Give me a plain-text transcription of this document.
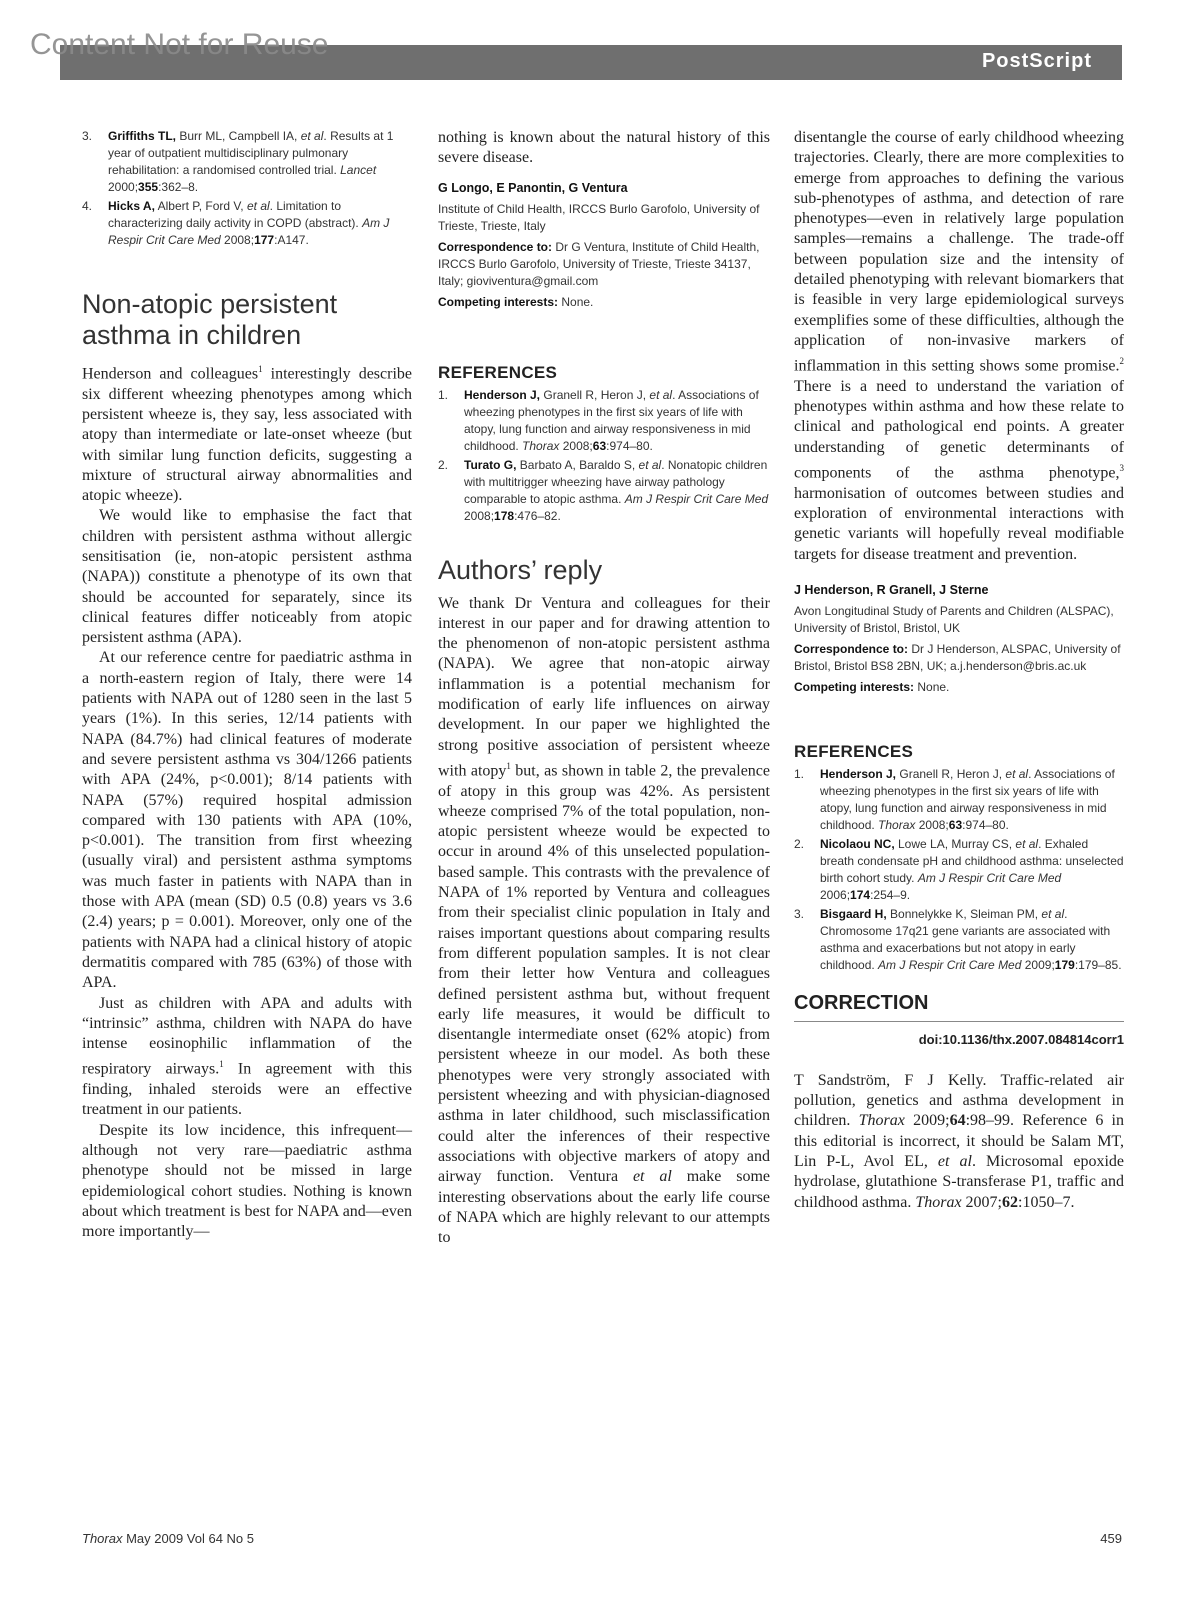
PostScript
Content Not for Reuse
3. Griffiths TL, Burr ML, Campbell IA, et al. Results at 1 year of outpatient multidisciplinary pulmonary rehabilitation: a randomised controlled trial. Lancet 2000;355:362–8.
4. Hicks A, Albert P, Ford V, et al. Limitation to characterizing daily activity in COPD (abstract). Am J Respir Crit Care Med 2008;177:A147.
Non-atopic persistent asthma in children

Henderson and colleagues$^1$ interestingly describe six different wheezing phenotypes among which persistent wheeze is, they say, less associated with atopy than intermediate or late-onset wheeze (but with similar lung function deficits, suggesting a mixture of structural airway abnormalities and atopic wheeze).

We would like to emphasise the fact that children with persistent asthma without allergic sensitisation (ie, non-atopic persistent asthma (NAPA)) constitute a phenotype of its own that should be accounted for separately, since its clinical features differ noticeably from atopic persistent asthma (APA).

At our reference centre for paediatric asthma in a north-eastern region of Italy, there were 14 patients with NAPA out of 1280 seen in the last 5 years (1%). In this series, 12/14 patients with NAPA (84.7%) had clinical features of moderate and severe persistent asthma vs 304/1266 patients with APA (24%, p<0.001); 8/14 patients with NAPA (57%) required hospital admission compared with 130 patients with APA (10%, p<0.001). The transition from first wheezing (usually viral) and persistent asthma symptoms was much faster in patients with NAPA than in those with APA (mean (SD) 0.5 (0.8) years vs 3.6 (2.4) years; p = 0.001). Moreover, only one of the patients with NAPA had a clinical history of atopic dermatitis compared with 785 (63%) of those with APA.

Just as children with APA and adults with “intrinsic” asthma, children with NAPA do have intense eosinophilic inflammation of the respiratory airways.$^1$ In agreement with this finding, inhaled steroids were an effective treatment in our patients.

Despite its low incidence, this infrequent—although not very rare—paediatric asthma phenotype should not be missed in large epidemiological cohort studies. Nothing is known about which treatment is best for NAPA and—even more importantly—

nothing is known about the natural history of this severe disease.

G Longo, E Panontin, G Ventura

Institute of Child Health, IRCCS Burlo Garofolo, University of Trieste, Trieste, Italy

Correspondence to: Dr G Ventura, Institute of Child Health, IRCCS Burlo Garofolo, University of Trieste, Trieste 34137, Italy; gioviventura@gmail.com

Competing interests: None.

REFERENCES
1. Henderson J, Granell R, Heron J, et al. Associations of wheezing phenotypes in the first six years of life with atopy, lung function and airway responsiveness in mid childhood. Thorax 2008;63:974–80.
2. Turato G, Barbato A, Baraldo S, et al. Nonatopic children with multitrigger wheezing have airway pathology comparable to atopic asthma. Am J Respir Crit Care Med 2008;178:476–82.
Authors’ reply

We thank Dr Ventura and colleagues for their interest in our paper and for drawing attention to the phenomenon of non-atopic persistent asthma (NAPA). We agree that non-atopic airway inflammation is a potential mechanism for modification of early life influences on airway development. In our paper we highlighted the strong positive association of persistent wheeze with atopy$^1$ but, as shown in table 2, the prevalence of atopy in this group was 42%. As persistent wheeze comprised 7% of the total population, non-atopic persistent wheeze would be expected to occur in around 4% of this unselected population-based sample. This contrasts with the prevalence of NAPA of 1% reported by Ventura and colleagues from their specialist clinic population in Italy and raises important questions about comparing results from different population samples. It is not clear from their letter how Ventura and colleagues defined persistent asthma but, without frequent early life measures, it would be difficult to disentangle intermediate onset (62% atopic) from persistent wheeze in our model. As both these phenotypes were very strongly associated with persistent wheezing and with physician-diagnosed asthma in later childhood, such misclassification could alter the inferences of their respective associations with objective markers of atopy and airway function. Ventura et al make some interesting observations about the early life course of NAPA which are highly relevant to our attempts to

disentangle the course of early childhood wheezing trajectories. Clearly, there are more complexities to emerge from approaches to defining the various sub-phenotypes of asthma, and detection of rare phenotypes—even in relatively large population samples—remains a challenge. The trade-off between population size and the intensity of detailed phenotyping with relevant biomarkers that is feasible in very large epidemiological surveys exemplifies some of these difficulties, although the application of non-invasive markers of inflammation in this setting shows some promise.$^2$ There is a need to understand the variation of phenotypes within asthma and how these relate to clinical and pathological end points. A greater understanding of genetic determinants of components of the asthma phenotype,$^3$ harmonisation of outcomes between studies and exploration of environmental interactions with genetic variants will hopefully reveal modifiable targets for disease treatment and prevention.

J Henderson, R Granell, J Sterne

Avon Longitudinal Study of Parents and Children (ALSPAC), University of Bristol, Bristol, UK

Correspondence to: Dr J Henderson, ALSPAC, University of Bristol, Bristol BS8 2BN, UK; a.j.henderson@bris.ac.uk

Competing interests: None.

REFERENCES
1. Henderson J, Granell R, Heron J, et al. Associations of wheezing phenotypes in the first six years of life with atopy, lung function and airway responsiveness in mid childhood. Thorax 2008;63:974–80.
2. Nicolaou NC, Lowe LA, Murray CS, et al. Exhaled breath condensate pH and childhood asthma: unselected birth cohort study. Am J Respir Crit Care Med 2006;174:254–9.
3. Bisgaard H, Bonnelykke K, Sleiman PM, et al. Chromosome 17q21 gene variants are associated with asthma and exacerbations but not atopy in early childhood. Am J Respir Crit Care Med 2009;179:179–85.
CORRECTION

doi:10.1136/thx.2007.084814corr1

T Sandström, F J Kelly. Traffic-related air pollution, genetics and asthma development in children. Thorax 2009;64:98–99. Reference 6 in this editorial is incorrect, it should be Salam MT, Lin P-L, Avol EL, et al. Microsomal epoxide hydrolase, glutathione S-transferase P1, traffic and childhood asthma. Thorax 2007;62:1050–7.

Thorax May 2009 Vol 64 No 5	459
